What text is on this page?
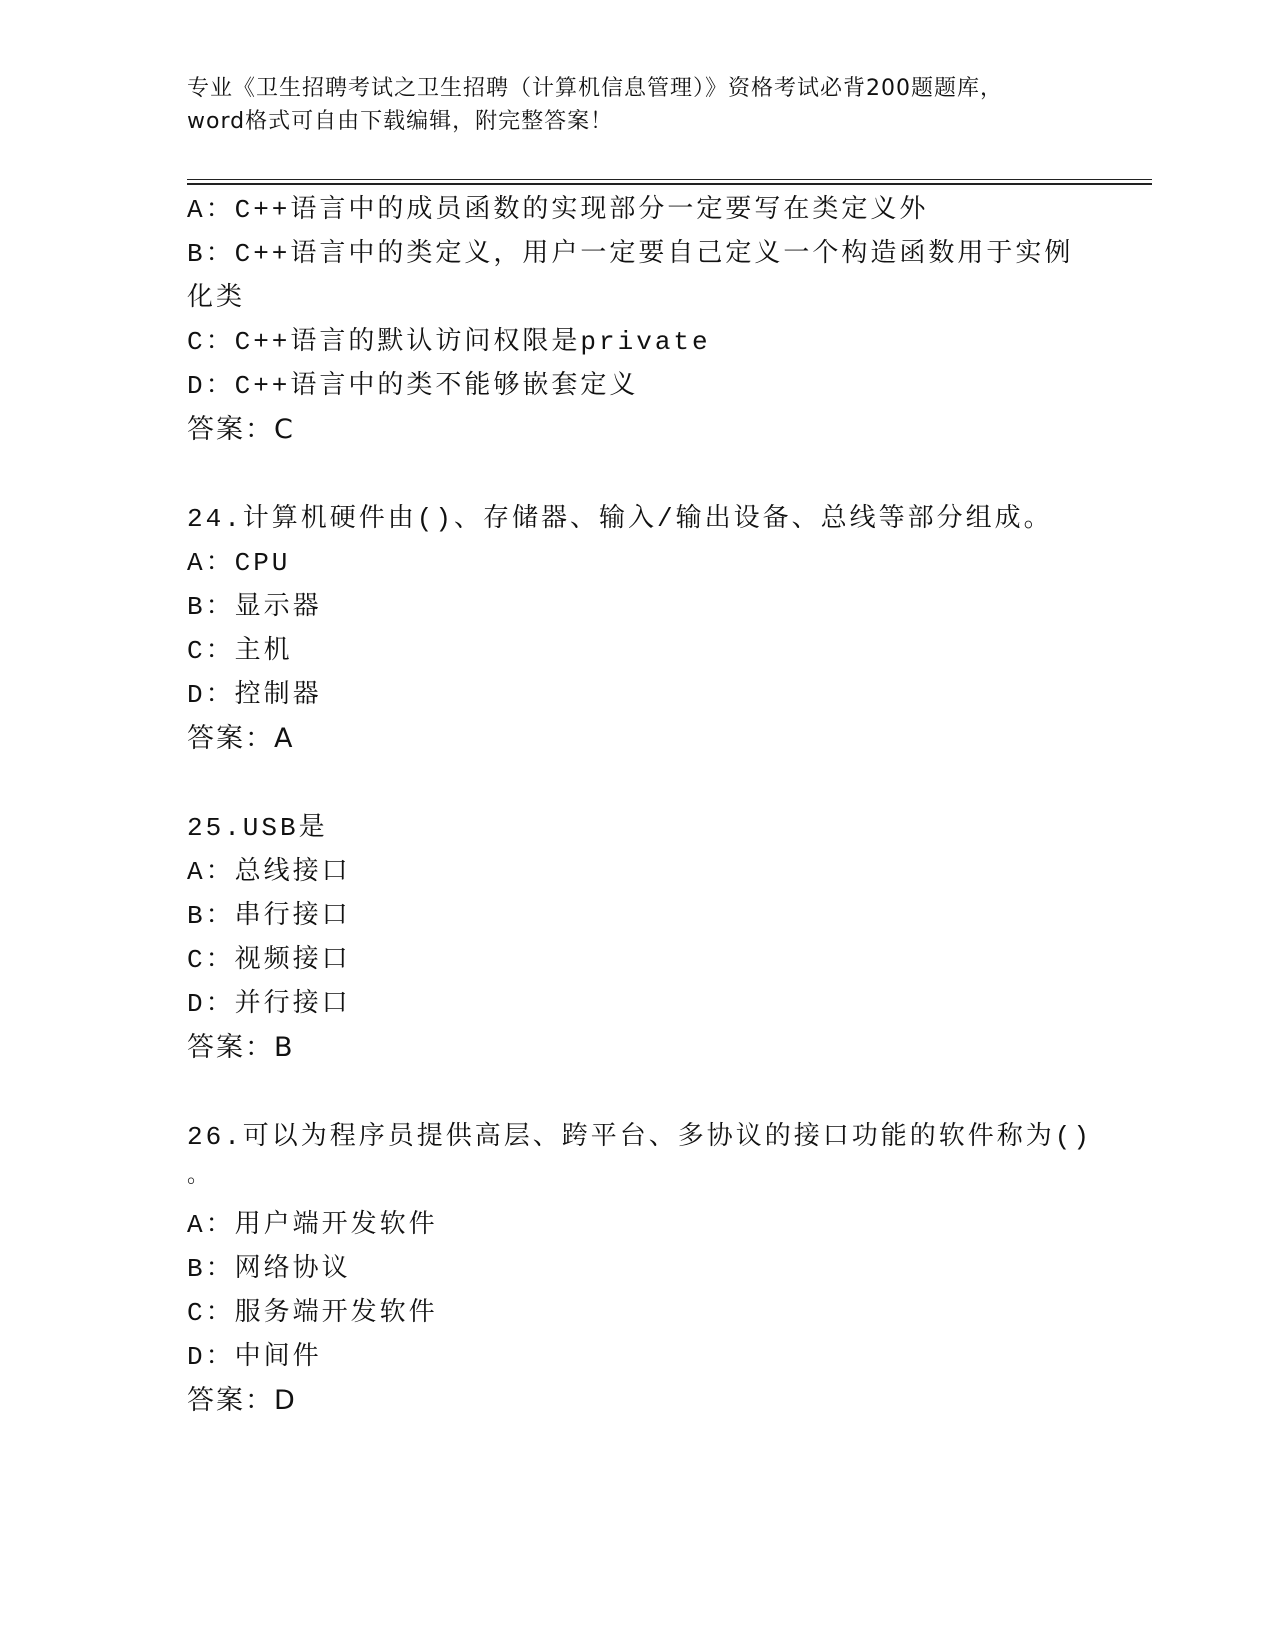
专业《卫生招聘考试之卫生招聘（计算机信息管理）》资格考试必背200题题库，
word格式可自由下载编辑，附完整答案！
A：C++语言中的成员函数的实现部分一定要写在类定义外
B：C++语言中的类定义，用户一定要自己定义一个构造函数用于实例
化类
C：C++语言的默认访问权限是private
D：C++语言中的类不能够嵌套定义
答案：C
24.计算机硬件由()、存储器、输入/输出设备、总线等部分组成。
A：CPU
B：显示器
C：主机
D：控制器
答案：A
25.USB是
A：总线接口
B：串行接口
C：视频接口
D：并行接口
答案：B
26.可以为程序员提供高层、跨平台、多协议的接口功能的软件称为()
。
A：用户端开发软件
B：网络协议
C：服务端开发软件
D：中间件
答案：D
